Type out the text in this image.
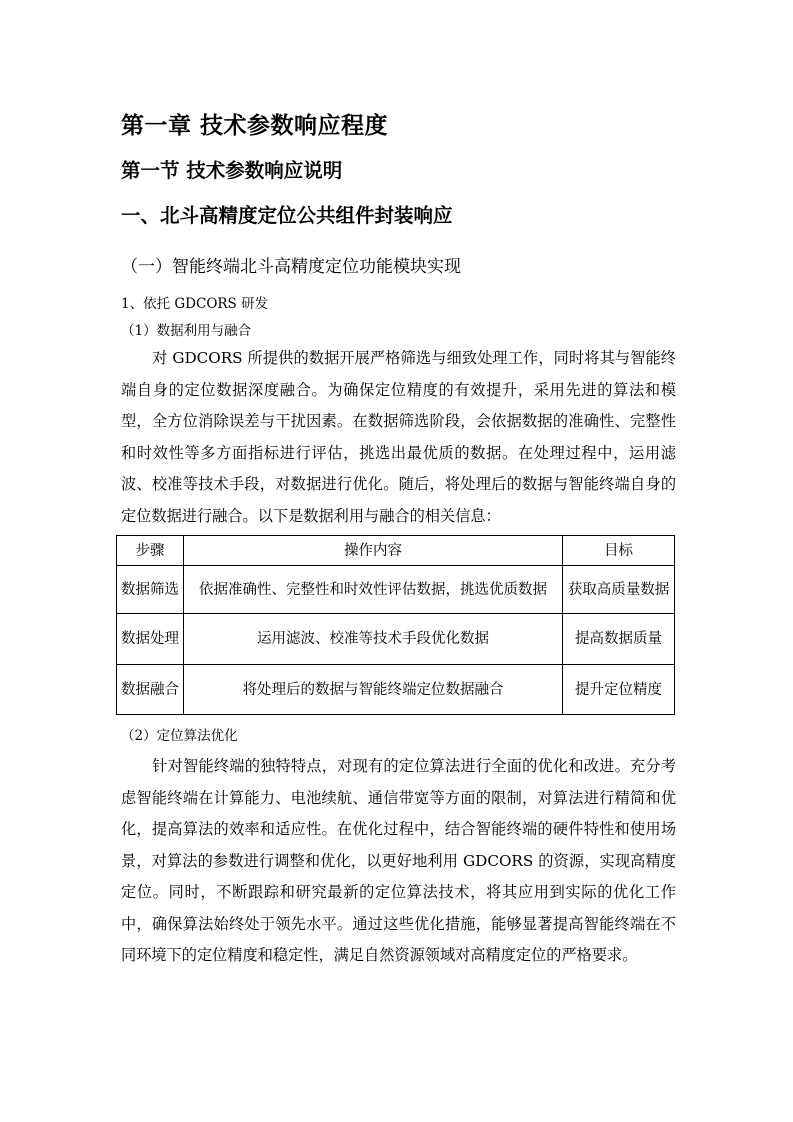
第一章 技术参数响应程度
第一节 技术参数响应说明
一、北斗高精度定位公共组件封装响应
（一）智能终端北斗高精度定位功能模块实现
1、依托 GDCORS 研发
（1）数据利用与融合
对 GDCORS 所提供的数据开展严格筛选与细致处理工作，同时将其与智能终端自身的定位数据深度融合。为确保定位精度的有效提升，采用先进的算法和模型，全方位消除误差与干扰因素。在数据筛选阶段，会依据数据的准确性、完整性和时效性等多方面指标进行评估，挑选出最优质的数据。在处理过程中，运用滤波、校准等技术手段，对数据进行优化。随后，将处理后的数据与智能终端自身的定位数据进行融合。以下是数据利用与融合的相关信息：
步骤	操作内容	目标
数据筛选	依据准确性、完整性和时效性评估数据，挑选优质数据	获取高质量数据
数据处理	运用滤波、校准等技术手段优化数据	提高数据质量
数据融合	将处理后的数据与智能终端定位数据融合	提升定位精度
（2）定位算法优化
针对智能终端的独特特点，对现有的定位算法进行全面的优化和改进。充分考虑智能终端在计算能力、电池续航、通信带宽等方面的限制，对算法进行精简和优化，提高算法的效率和适应性。在优化过程中，结合智能终端的硬件特性和使用场景，对算法的参数进行调整和优化，以更好地利用 GDCORS 的资源，实现高精度定位。同时，不断跟踪和研究最新的定位算法技术，将其应用到实际的优化工作中，确保算法始终处于领先水平。通过这些优化措施，能够显著提高智能终端在不同环境下的定位精度和稳定性，满足自然资源领域对高精度定位的严格要求。
